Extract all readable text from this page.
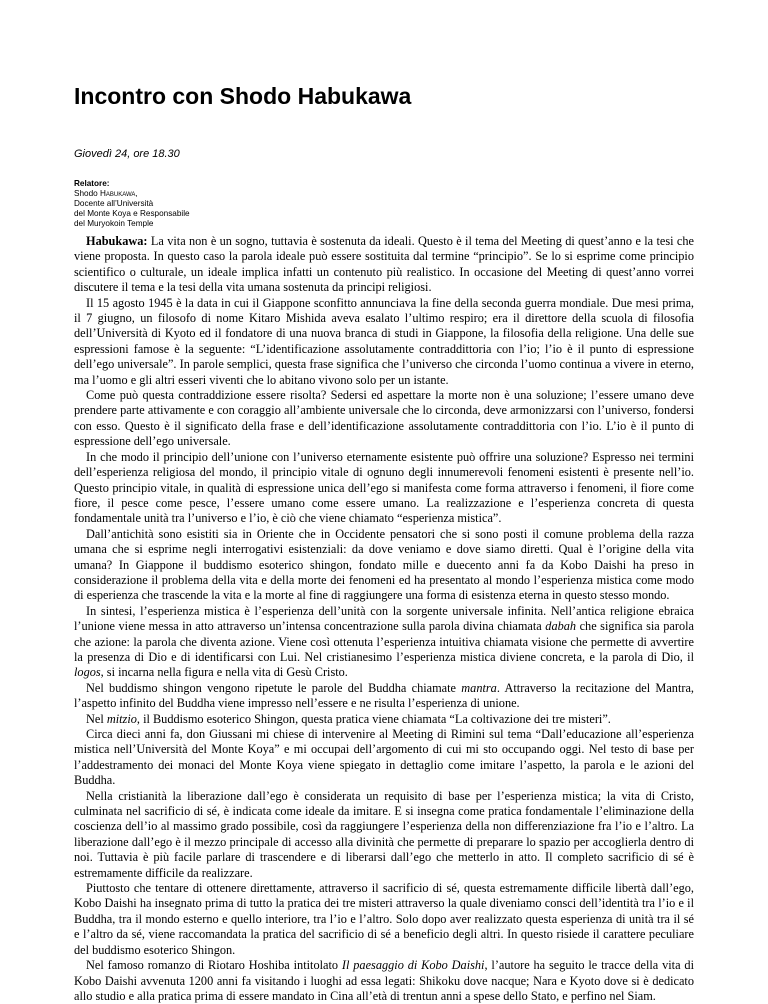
Incontro con Shodo Habukawa

Giovedì 24, ore 18.30

Relatore:
Shodo Habukawa,
Docente all’Università
del Monte Koya e Responsabile
del Muryokoin Temple

Habukawa: La vita non è un sogno, tuttavia è sostenuta da ideali. Questo è il tema del Meeting di quest’anno e la tesi che viene proposta. In questo caso la parola ideale può essere sostituita dal termine “principio”. Se lo si esprime come principio scientifico o culturale, un ideale implica infatti un contenuto più realistico. In occasione del Meeting di quest’anno vorrei discutere il tema e la tesi della vita umana sostenuta da principi religiosi.

Il 15 agosto 1945 è la data in cui il Giappone sconfitto annunciava la fine della seconda guerra mondiale. Due mesi prima, il 7 giugno, un filosofo di nome Kitaro Mishida aveva esalato l’ultimo respiro; era il direttore della scuola di filosofia dell’Università di Kyoto ed il fondatore di una nuova branca di studi in Giappone, la filosofia della religione. Una delle sue espressioni famose è la seguente: “L’identificazione assolutamente contraddittoria con l’io; l’io è il punto di espressione dell’ego universale”. In parole semplici, questa frase significa che l’universo che circonda l’uomo continua a vivere in eterno, ma l’uomo e gli altri esseri viventi che lo abitano vivono solo per un istante.

Come può questa contraddizione essere risolta? Sedersi ed aspettare la morte non è una soluzione; l’essere umano deve prendere parte attivamente e con coraggio all’ambiente universale che lo circonda, deve armonizzarsi con l’universo, fondersi con esso. Questo è il significato della frase e dell’identificazione assolutamente contraddittoria con l’io. L’io è il punto di espressione dell’ego universale.

In che modo il principio dell’unione con l’universo eternamente esistente può offrire una soluzione? Espresso nei termini dell’esperienza religiosa del mondo, il principio vitale di ognuno degli innumerevoli fenomeni esistenti è presente nell’io. Questo principio vitale, in qualità di espressione unica dell’ego si manifesta come forma attraverso i fenomeni, il fiore come fiore, il pesce come pesce, l’essere umano come essere umano. La realizzazione e l’esperienza concreta di questa fondamentale unità tra l’universo e l’io, è ciò che viene chiamato “esperienza mistica”.

Dall’antichità sono esistiti sia in Oriente che in Occidente pensatori che si sono posti il comune problema della razza umana che si esprime negli interrogativi esistenziali: da dove veniamo e dove siamo diretti. Qual è l’origine della vita umana? In Giappone il buddismo esoterico shingon, fondato mille e duecento anni fa da Kobo Daishi ha preso in considerazione il problema della vita e della morte dei fenomeni ed ha presentato al mondo l’esperienza mistica come modo di esperienza che trascende la vita e la morte al fine di raggiungere una forma di esistenza eterna in questo stesso mondo.

In sintesi, l’esperienza mistica è l’esperienza dell’unità con la sorgente universale infinita. Nell’antica religione ebraica l’unione viene messa in atto attraverso un’intensa concentrazione sulla parola divina chiamata dabah che significa sia parola che azione: la parola che diventa azione. Viene così ottenuta l’esperienza intuitiva chiamata visione che permette di avvertire la presenza di Dio e di identificarsi con Lui. Nel cristianesimo l’esperienza mistica diviene concreta, e la parola di Dio, il logos, si incarna nella figura e nella vita di Gesù Cristo.

Nel buddismo shingon vengono ripetute le parole del Buddha chiamate mantra. Attraverso la recitazione del Mantra, l’aspetto infinito del Buddha viene impresso nell’essere e ne risulta l’esperienza di unione.

Nel mitzio, il Buddismo esoterico Shingon, questa pratica viene chiamata “La coltivazione dei tre misteri”.

Circa dieci anni fa, don Giussani mi chiese di intervenire al Meeting di Rimini sul tema “Dall’educazione all’esperienza mistica nell’Università del Monte Koya” e mi occupai dell’argomento di cui mi sto occupando oggi. Nel testo di base per l’addestramento dei monaci del Monte Koya viene spiegato in dettaglio come imitare l’aspetto, la parola e le azioni del Buddha.

Nella cristianità la liberazione dall’ego è considerata un requisito di base per l’esperienza mistica; la vita di Cristo, culminata nel sacrificio di sé, è indicata come ideale da imitare. E si insegna come pratica fondamentale l’eliminazione della coscienza dell’io al massimo grado possibile, così da raggiungere l’esperienza della non differenziazione fra l’io e l’altro. La liberazione dall’ego è il mezzo principale di accesso alla divinità che permette di preparare lo spazio per accoglierla dentro di noi. Tuttavia è più facile parlare di trascendere e di liberarsi dall’ego che metterlo in atto. Il completo sacrificio di sé è estremamente difficile da realizzare.

Piuttosto che tentare di ottenere direttamente, attraverso il sacrificio di sé, questa estremamente difficile libertà dall’ego, Kobo Daishi ha insegnato prima di tutto la pratica dei tre misteri attraverso la quale diveniamo consci dell’identità tra l’io e il Buddha, tra il mondo esterno e quello interiore, tra l’io e l’altro. Solo dopo aver realizzato questa esperienza di unità tra il sé e l’altro da sé, viene raccomandata la pratica del sacrificio di sé a beneficio degli altri. In questo risiede il carattere peculiare del buddismo esoterico Shingon.

Nel famoso romanzo di Riotaro Hoshiba intitolato Il paesaggio di Kobo Daishi, l’autore ha seguito le tracce della vita di Kobo Daishi avvenuta 1200 anni fa visitando i luoghi ad essa legati: Shikoku dove nacque; Nara e Kyoto dove si è dedicato allo studio e alla pratica prima di essere mandato in Cina all’età di trentun anni a spese dello Stato, e perfino nel Siam.
